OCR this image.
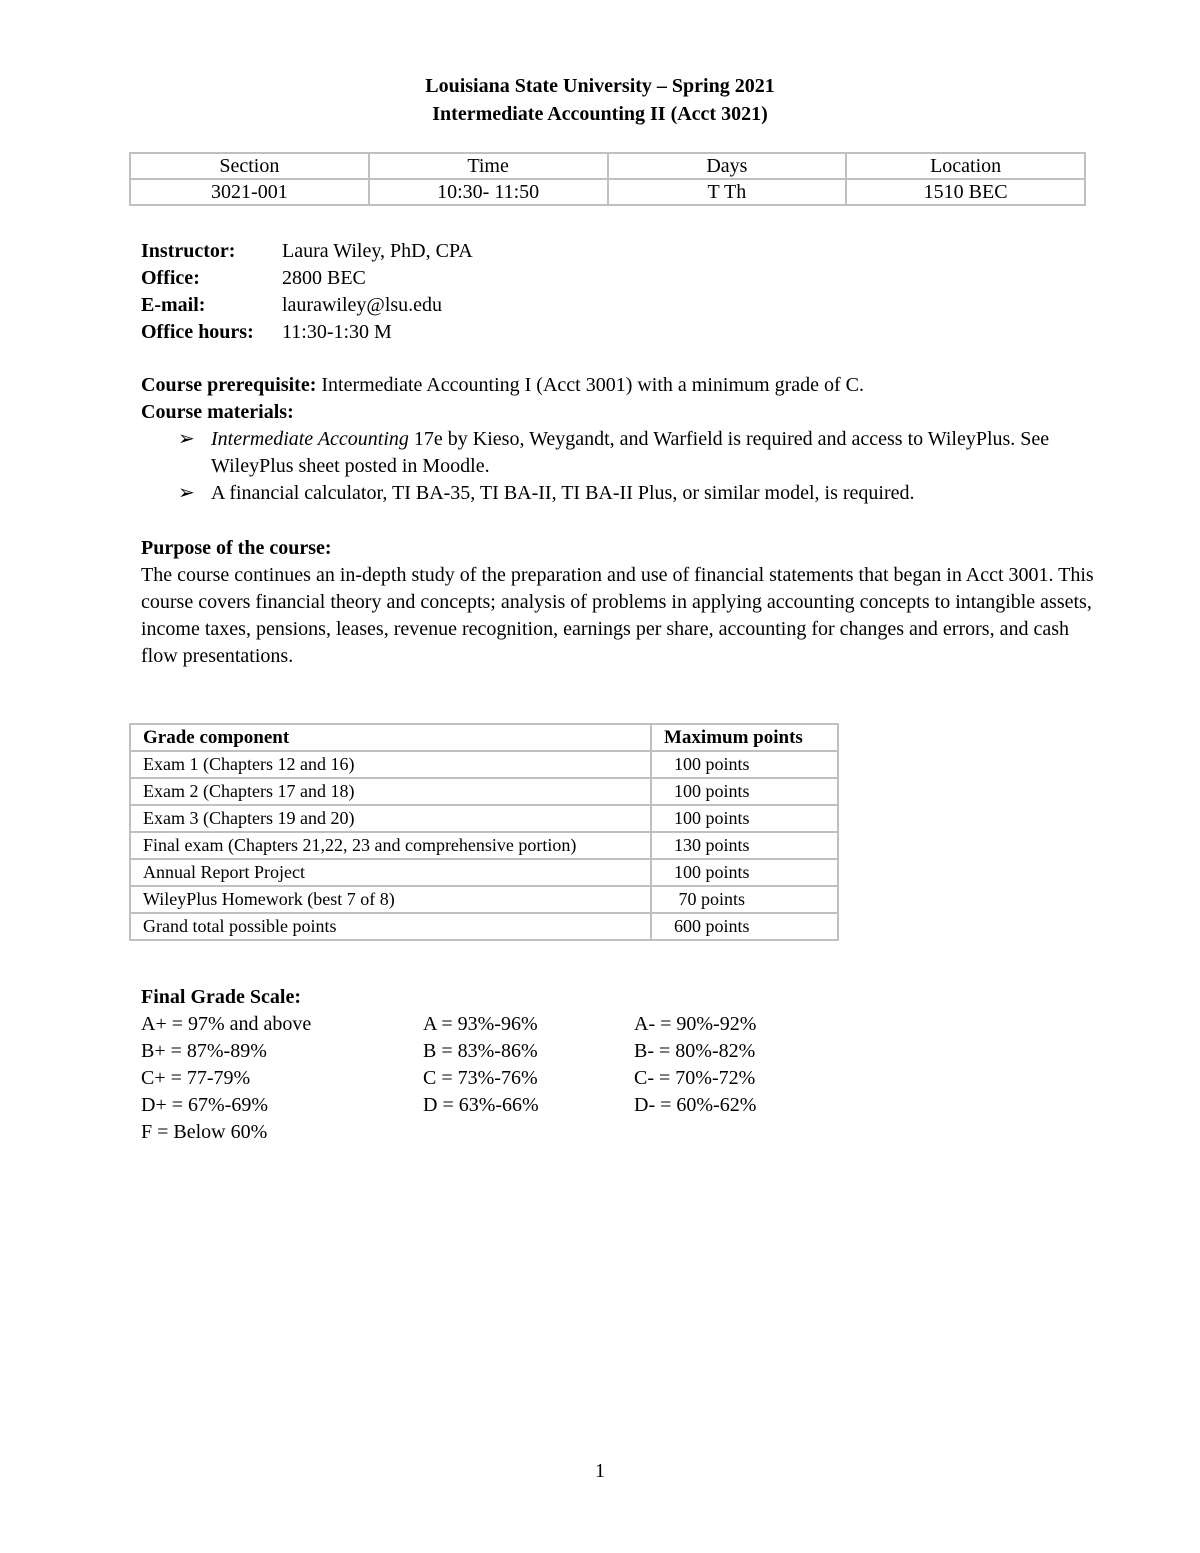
Louisiana State University – Spring 2021
Intermediate Accounting II (Acct 3021)
Section	Time	Days	Location
3021-001	10:30- 11:50	T Th	1510 BEC
Instructor:	Laura Wiley, PhD, CPA
Office:	2800 BEC
E-mail:	laurawiley@lsu.edu
Office hours:	11:30-1:30 M
Course prerequisite: Intermediate Accounting I (Acct 3001) with a minimum grade of C.
Course materials:
➢ Intermediate Accounting 17e by Kieso, Weygandt, and Warfield is required and access to WileyPlus. See WileyPlus sheet posted in Moodle.
➢ A financial calculator, TI BA-35, TI BA-II, TI BA-II Plus, or similar model, is required.
Purpose of the course:
The course continues an in-depth study of the preparation and use of financial statements that began in Acct 3001. This course covers financial theory and concepts; analysis of problems in applying accounting concepts to intangible assets, income taxes, pensions, leases, revenue recognition, earnings per share, accounting for changes and errors, and cash flow presentations.
Grade component	Maximum points
Exam 1 (Chapters 12 and 16)	100 points
Exam 2 (Chapters 17 and 18)	100 points
Exam 3 (Chapters 19 and 20)	100 points
Final exam (Chapters 21,22, 23 and comprehensive portion)	130 points
Annual Report Project	100 points
WileyPlus Homework (best 7 of 8)	70 points
Grand total possible points	600 points
Final Grade Scale:
A+ = 97% and above	A = 93%-96%	A- = 90%-92%
B+ = 87%-89%	B = 83%-86%	B- = 80%-82%
C+ = 77-79%	C = 73%-76%	C- = 70%-72%
D+ = 67%-69%	D = 63%-66%	D- = 60%-62%
F = Below 60%
1
